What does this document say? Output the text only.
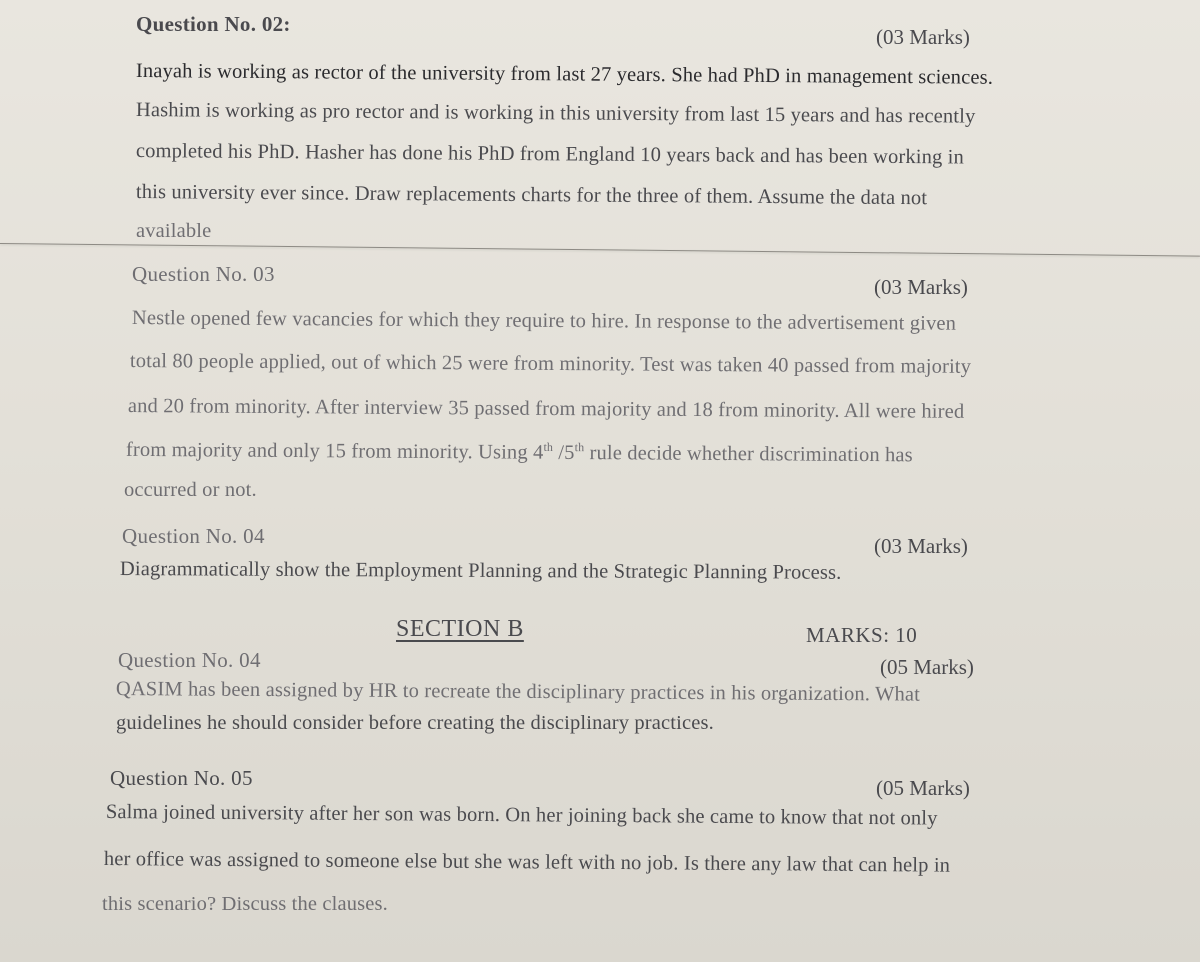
Question No. 02:
(03 Marks)
Inayah is working as rector of the university from last 27 years. She had PhD in management sciences.
Hashim is working as pro rector and is working in this university from last 15 years and has recently
completed his PhD. Hasher has done his PhD from England 10 years back and has been working in
this university ever since. Draw replacements charts for the three of them. Assume the data not
available
Question No. 03
(03 Marks)
Nestle opened few vacancies for which they require to hire. In response to the advertisement given
total 80 people applied, out of which 25 were from minority. Test was taken 40 passed from majority
and 20 from minority. After interview 35 passed from majority and 18 from minority. All were hired
from majority and only 15 from minority. Using 4th /5th rule decide whether discrimination has
occurred or not.
Question No. 04	(03 Marks)
Diagrammatically show the Employment Planning and the Strategic Planning Process.
SECTION B	MARKS: 10
Question No. 04	(05 Marks)
QASIM has been assigned by HR to recreate the disciplinary practices in his organization. What
guidelines he should consider before creating the disciplinary practices.
Question No. 05	(05 Marks)
Salma joined university after her son was born. On her joining back she came to know that not only
her office was assigned to someone else but she was left with no job. Is there any law that can help in
this scenario? Discuss the clauses.
